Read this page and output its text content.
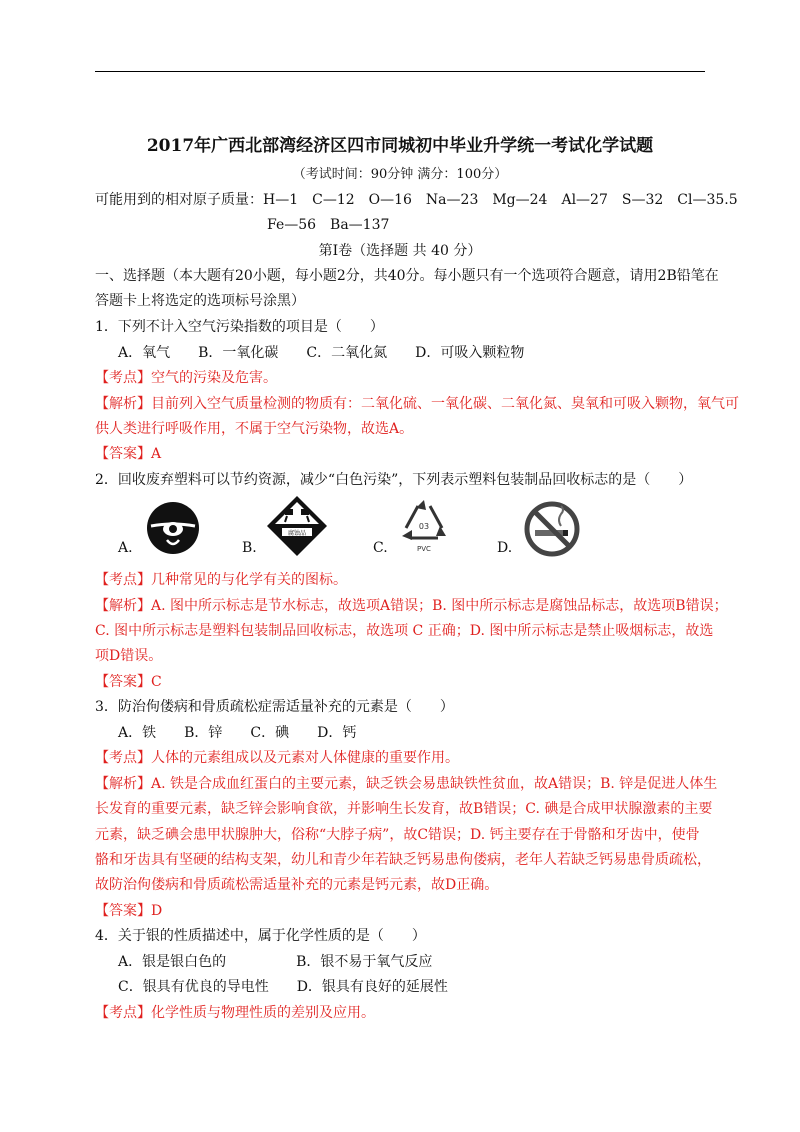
2017年广西北部湾经济区四市同城初中毕业升学统一考试化学试题
（考试时间：90分钟 满分：100分）
可能用到的相对原子质量：H—1　C—12　O—16　Na—23　Mg—24　Al—27　S—32　Cl—35.5
Fe—56　Ba—137
第Ⅰ卷（选择题 共 40 分）
一、选择题（本大题有20小题，每小题2分，共40分。每小题只有一个选项符合题意，请用2B铅笔在
答题卡上将选定的选项标号涂黑）
1．下列不计入空气污染指数的项目是（　　）
A．氧气　　B．一氧化碳　　C．二氧化氮　　D．可吸入颗粒物
【考点】空气的污染及危害。
【解析】目前列入空气质量检测的物质有：二氧化硫、一氧化碳、二氧化氮、臭氧和可吸入颗物，氧气可
供人类进行呼吸作用，不属于空气污染物，故选A。
【答案】A
2．回收废弃塑料可以节约资源，减少“白色污染”，下列表示塑料包装制品回收标志的是（　　）
A.	B.
腐蚀品
C.
03
PVC	D.
【考点】几种常见的与化学有关的图标。
【解析】A. 图中所示标志是节水标志，故选项A错误；B. 图中所示标志是腐蚀品标志，故选项B错误；
C. 图中所示标志是塑料包装制品回收标志，故选项 C 正确；D. 图中所示标志是禁止吸烟标志，故选
项D错误。
【答案】C
3．防治佝偻病和骨质疏松症需适量补充的元素是（　　）
A．铁　　B．锌　　C．碘　　D．钙
【考点】人体的元素组成以及元素对人体健康的重要作用。
【解析】A. 铁是合成血红蛋白的主要元素，缺乏铁会易患缺铁性贫血，故A错误；B. 锌是促进人体生
长发育的重要元素，缺乏锌会影响食欲，并影响生长发育，故B错误；C. 碘是合成甲状腺激素的主要
元素，缺乏碘会患甲状腺肿大，俗称“大脖子病”，故C错误；D. 钙主要存在于骨骼和牙齿中，使骨
骼和牙齿具有坚硬的结构支架，幼儿和青少年若缺乏钙易患佝偻病，老年人若缺乏钙易患骨质疏松，
故防治佝偻病和骨质疏松需适量补充的元素是钙元素，故D正确。
【答案】D
4．关于银的性质描述中，属于化学性质的是（　　）
A．银是银白色的　　　　　B．银不易于氧气反应
C．银具有优良的导电性　　D．银具有良好的延展性
【考点】化学性质与物理性质的差别及应用。
